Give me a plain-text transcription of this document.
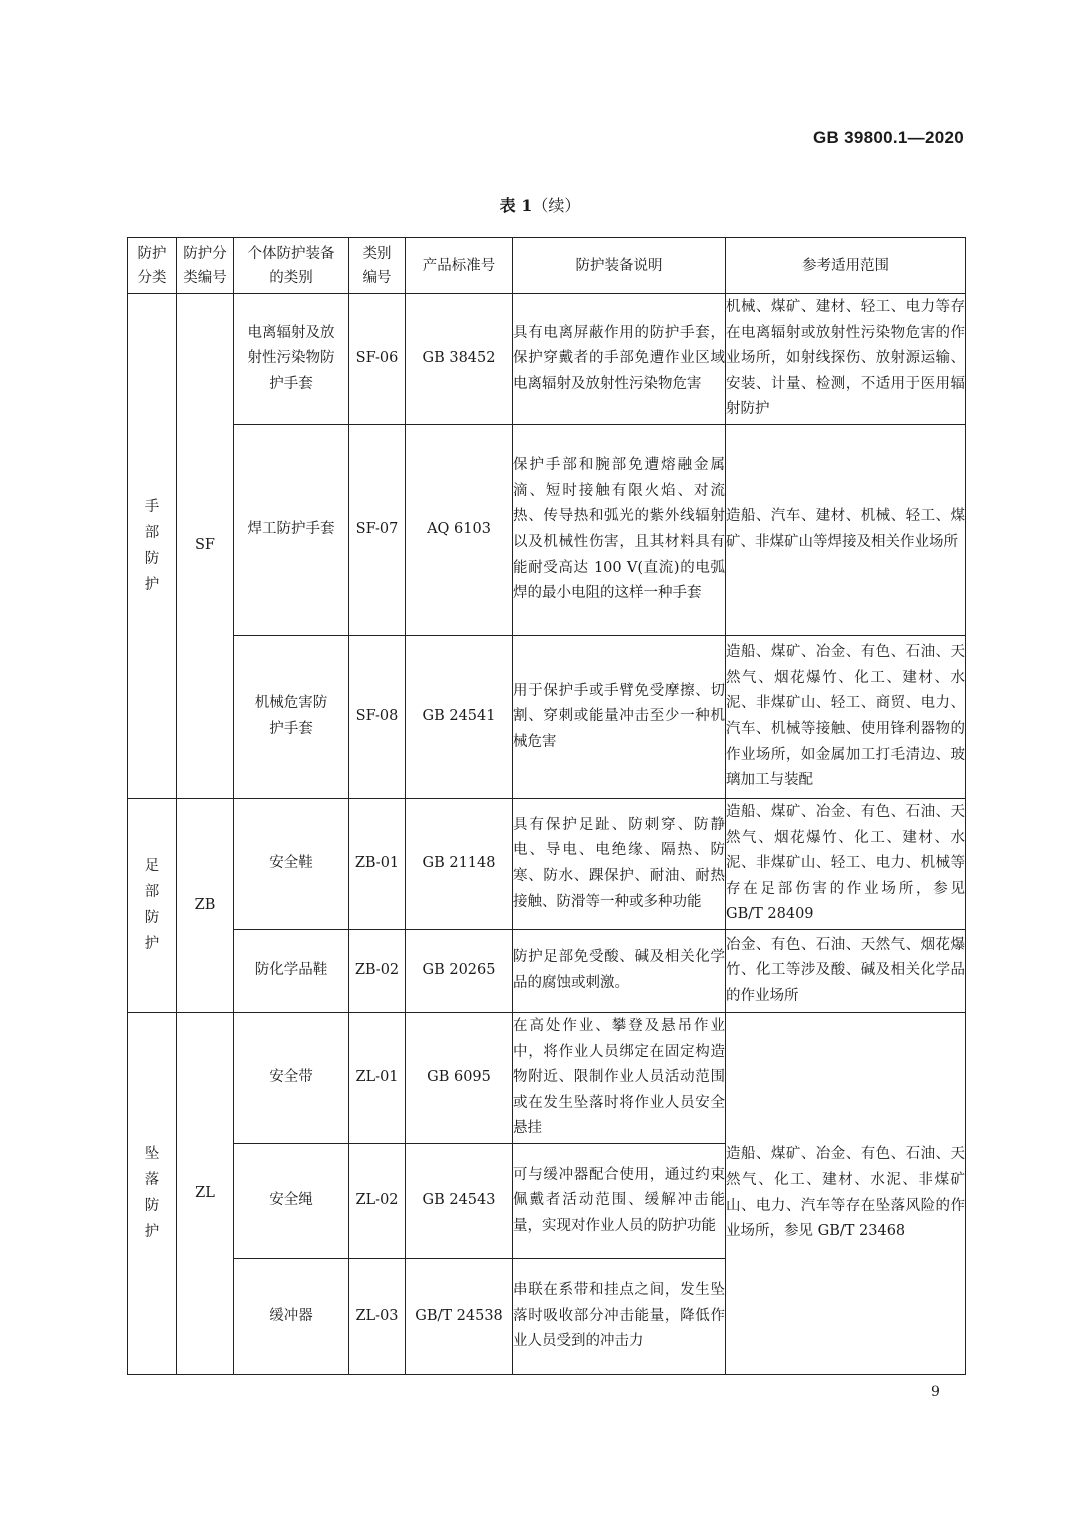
GB 39800.1—2020
表 1（续）
防护分类	防护分类编号	个体防护装备的类别	类别编号	产品标准号	防护装备说明	参考适用范围
手部防护	SF	电离辐射及放射性污染物防护手套	SF-06	GB 38452	具有电离屏蔽作用的防护手套，保护穿戴者的手部免遭作业区域电离辐射及放射性污染物危害	机械、煤矿、建材、轻工、电力等存在电离辐射或放射性污染物危害的作业场所，如射线探伤、放射源运输、安装、计量、检测，不适用于医用辐射防护
		焊工防护手套	SF-07	AQ 6103	保护手部和腕部免遭熔融金属滴、短时接触有限火焰、对流热、传导热和弧光的紫外线辐射以及机械性伤害，且其材料具有能耐受高达 100 V(直流)的电弧焊的最小电阻的这样一种手套	造船、汽车、建材、机械、轻工、煤矿、非煤矿山等焊接及相关作业场所
		机械危害防护手套	SF-08	GB 24541	用于保护手或手臂免受摩擦、切割、穿刺或能量冲击至少一种机械危害	造船、煤矿、冶金、有色、石油、天然气、烟花爆竹、化工、建材、水泥、非煤矿山、轻工、商贸、电力、汽车、机械等接触、使用锋利器物的作业场所，如金属加工打毛清边、玻璃加工与装配
足部防护	ZB	安全鞋	ZB-01	GB 21148	具有保护足趾、防刺穿、防静电、导电、电绝缘、隔热、防寒、防水、踝保护、耐油、耐热接触、防滑等一种或多种功能	造船、煤矿、冶金、有色、石油、天然气、烟花爆竹、化工、建材、水泥、非煤矿山、轻工、电力、机械等存在足部伤害的作业场所，参见 GB/T 28409
		防化学品鞋	ZB-02	GB 20265	防护足部免受酸、碱及相关化学品的腐蚀或刺激。	冶金、有色、石油、天然气、烟花爆竹、化工等涉及酸、碱及相关化学品的作业场所
坠落防护	ZL	安全带	ZL-01	GB 6095	在高处作业、攀登及悬吊作业中，将作业人员绑定在固定构造物附近、限制作业人员活动范围或在发生坠落时将作业人员安全悬挂	造船、煤矿、冶金、有色、石油、天然气、化工、建材、水泥、非煤矿山、电力、汽车等存在坠落风险的作业场所，参见 GB/T 23468
		安全绳	ZL-02	GB 24543	可与缓冲器配合使用，通过约束佩戴者活动范围、缓解冲击能量，实现对作业人员的防护功能	
		缓冲器	ZL-03	GB/T 24538	串联在系带和挂点之间，发生坠落时吸收部分冲击能量，降低作业人员受到的冲击力	
9
